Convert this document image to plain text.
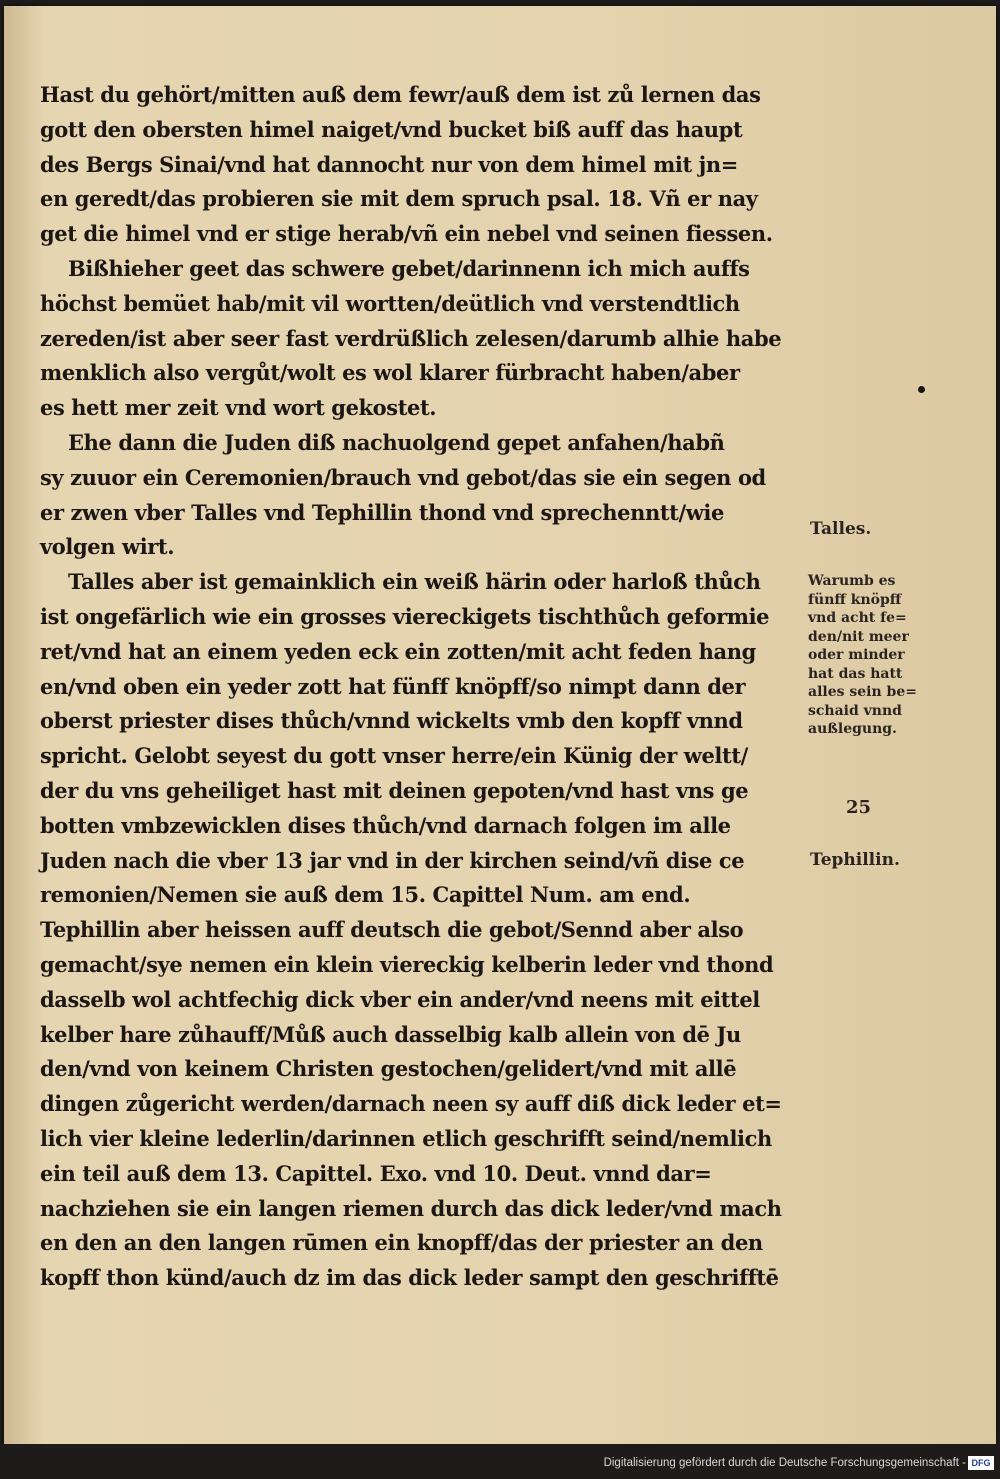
Hast du gehört/mitten auß dem fewr/auß dem ist zů lernen das
gott den obersten himel naiget/vnd bucket biß auff das haupt
des Bergs Sinai/vnd hat dannocht nur von dem himel mit jn=
en geredt/das probieren sie mit dem spruch psal. 18. Vñ er nay
get die himel vnd er stige herab/vñ ein nebel vnd seinen fiessen.
Bißhieher geet das schwere gebet/darinnenn ich mich auffs
höchst bemüet hab/mit vil wortten/deütlich vnd verstendtlich
zereden/ist aber seer fast verdrüßlich zelesen/darumb alhie habe
menklich also vergůt/wolt es wol klarer fürbracht haben/aber
es hett mer zeit vnd wort gekostet.
Ehe dann die Juden diß nachuolgend gepet anfahen/habñ
sy zuuor ein Ceremonien/brauch vnd gebot/das sie ein segen od
er zwen vber Talles vnd Tephillin thond vnd sprechenntt/wie
volgen wirt.
Talles aber ist gemainklich ein weiß härin oder harloß thůch
ist ongefärlich wie ein grosses viereckigets tischthůch geformie
ret/vnd hat an einem yeden eck ein zotten/mit acht feden hang
en/vnd oben ein yeder zott hat fünff knöpff/so nimpt dann der
oberst priester dises thůch/vnnd wickelts vmb den kopff vnnd
spricht. Gelobt seyest du gott vnser herre/ein Künig der weltt/
der du vns geheiliget hast mit deinen gepoten/vnd hast vns ge
botten vmbzewicklen dises thůch/vnd darnach folgen im alle
Juden nach die vber 13 jar vnd in der kirchen seind/vñ dise ce
remonien/Nemen sie auß dem 15. Capittel Num. am end.
Tephillin aber heissen auff deutsch die gebot/Sennd aber also
gemacht/sye nemen ein klein viereckig kelberin leder vnd thond
dasselb wol achtfechig dick vber ein ander/vnd neens mit eittel
kelber hare zůhauff/Můß auch dasselbig kalb allein von dē Ju
den/vnd von keinem Christen gestochen/gelidert/vnd mit allē
dingen zůgericht werden/darnach neen sy auff diß dick leder et=
lich vier kleine lederlin/darinnen etlich geschrifft seind/nemlich
ein teil auß dem 13. Capittel. Exo. vnd 10. Deut. vnnd dar=
nachziehen sie ein langen riemen durch das dick leder/vnd mach
en den an den langen rūmen ein knopff/das der priester an den
kopff thon künd/auch dz im das dick leder sampt den geschrifftē
Talles.
Warumb es
fünff knöpff
vnd acht fe=
den/nit meer
oder minder
hat das hatt
alles sein be=
schaid vnnd
außlegung.
25
Tephillin.
Digitalisierung gefördert durch die Deutsche Forschungsgemeinschaft - DFG
